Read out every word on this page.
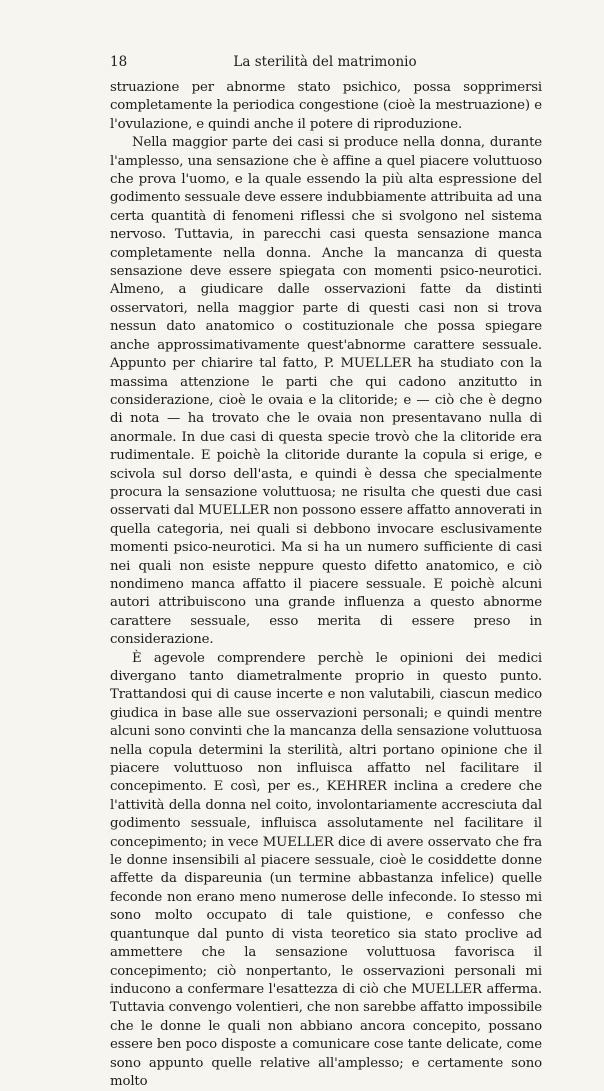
18	La sterilità del matrimonio

struazione per abnorme stato psichico, possa sopprimersi completamente la periodica congestione (cioè la mestruazione) e l'ovulazione, e quindi anche il potere di riproduzione.

Nella maggior parte dei casi si produce nella donna, durante l'amplesso, una sensazione che è affine a quel piacere voluttuoso che prova l'uomo, e la quale essendo la più alta espressione del godimento sessuale deve essere indubbiamente attribuita ad una certa quantità di fenomeni riflessi che si svolgono nel sistema nervoso. Tuttavia, in parecchi casi questa sensazione manca completamente nella donna. Anche la mancanza di questa sensazione deve essere spiegata con momenti psico-neurotici. Almeno, a giudicare dalle osservazioni fatte da distinti osservatori, nella maggior parte di questi casi non si trova nessun dato anatomico o costituzionale che possa spiegare anche approssimativamente quest'abnorme carattere sessuale. Appunto per chiarire tal fatto, P. MUELLER ha studiato con la massima attenzione le parti che qui cadono anzitutto in considerazione, cioè le ovaia e la clitoride; e — ciò che è degno di nota — ha trovato che le ovaia non presentavano nulla di anormale. In due casi di questa specie trovò che la clitoride era rudimentale. E poichè la clitoride durante la copula si erige, e scivola sul dorso dell'asta, e quindi è dessa che specialmente procura la sensazione voluttuosa; ne risulta che questi due casi osservati dal MUELLER non possono essere affatto annoverati in quella categoria, nei quali si debbono invocare esclusivamente momenti psico-neurotici. Ma si ha un numero sufficiente di casi nei quali non esiste neppure questo difetto anatomico, e ciò nondimeno manca affatto il piacere sessuale. E poichè alcuni autori attribuiscono una grande influenza a questo abnorme carattere sessuale, esso merita di essere preso in considerazione.

È agevole comprendere perchè le opinioni dei medici divergano tanto diametralmente proprio in questo punto. Trattandosi qui di cause incerte e non valutabili, ciascun medico giudica in base alle sue osservazioni personali; e quindi mentre alcuni sono convinti che la mancanza della sensazione voluttuosa nella copula determini la sterilità, altri portano opinione che il piacere voluttuoso non influisca affatto nel facilitare il concepimento. E così, per es., KEHRER inclina a credere che l'attività della donna nel coito, involontariamente accresciuta dal godimento sessuale, influisca assolutamente nel facilitare il concepimento; in vece MUELLER dice di avere osservato che fra le donne insensibili al piacere sessuale, cioè le cosiddette donne affette da dispareunia (un termine abbastanza infelice) quelle feconde non erano meno numerose delle infeconde. Io stesso mi sono molto occupato di tale quistione, e confesso che quantunque dal punto di vista teoretico sia stato proclive ad ammettere che la sensazione voluttuosa favorisca il concepimento; ciò nonpertanto, le osservazioni personali mi inducono a confermare l'esattezza di ciò che MUELLER afferma. Tuttavia convengo volentieri, che non sarebbe affatto impossibile che le donne le quali non abbiano ancora concepito, possano essere ben poco disposte a comunicare cose tante delicate, come sono appunto quelle relative all'amplesso; e certamente sono molto
